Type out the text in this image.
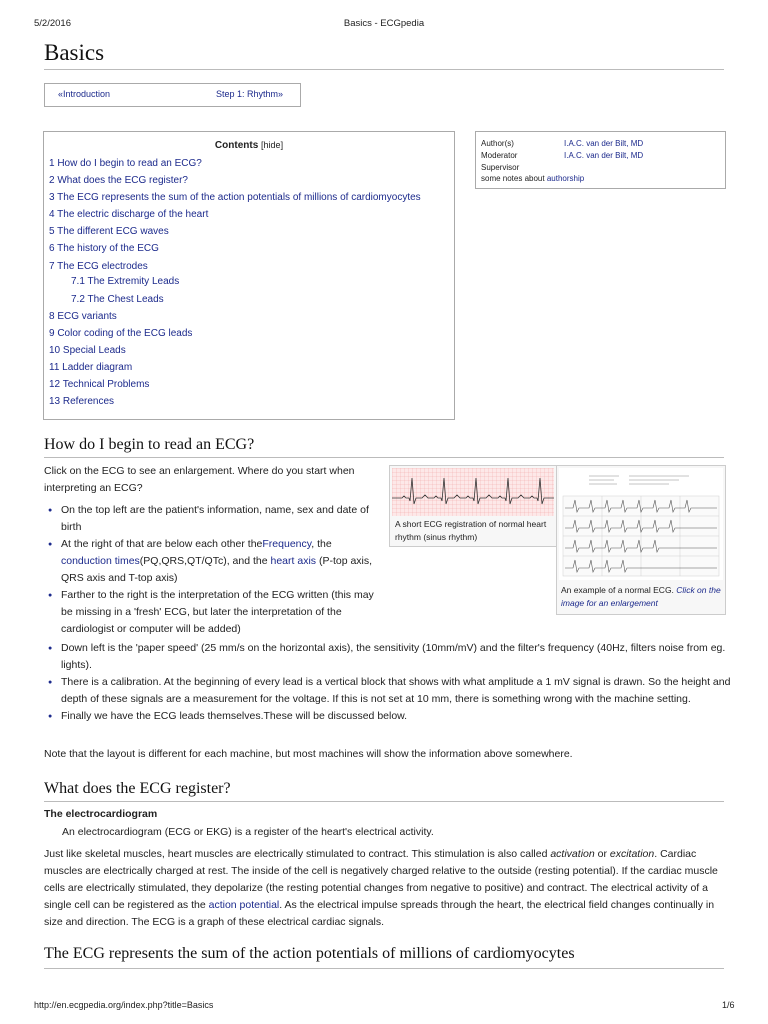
5/2/2016	Basics - ECGpedia
Basics
«Introduction	Step 1: Rhythm»
Contents [hide]
1 How do I begin to read an ECG?
2 What does the ECG register?
3 The ECG represents the sum of the action potentials of millions of cardiomyocytes
4 The electric discharge of the heart
5 The different ECG waves
6 The history of the ECG
7 The ECG electrodes
7.1 The Extremity Leads
7.2 The Chest Leads
8 ECG variants
9 Color coding of the ECG leads
10 Special Leads
11 Ladder diagram
12 Technical Problems
13 References
Author(s)	I.A.C. van der Bilt, MD
Moderator	I.A.C. van der Bilt, MD
Supervisor
some notes about authorship
How do I begin to read an ECG?
Click on the ECG to see an enlargement. Where do you start when interpreting an ECG?
● On the top left are the patient's information, name, sex and date of birth
● At the right of that are below each other theFrequency, the conduction times(PQ,QRS,QT/QTc), and the heart axis (P-top axis, QRS axis and T-top axis)
● Farther to the right is the interpretation of the ECG written (this may be missing in a 'fresh' ECG, but later the interpretation of the cardiologist or computer will be added)
● Down left is the 'paper speed' (25 mm/s on the horizontal axis), the sensitivity (10mm/mV) and the filter's frequency (40Hz, filters noise from eg. lights).
● There is a calibration. At the beginning of every lead is a vertical block that shows with what amplitude a 1 mV signal is drawn. So the height and depth of these signals are a measurement for the voltage. If this is not set at 10 mm, there is something wrong with the machine setting.
● Finally we have the ECG leads themselves.These will be discussed below.
A short ECG registration of normal heart rhythm (sinus rhythm)
An example of a normal ECG. Click on the image for an enlargement
Note that the layout is different for each machine, but most machines will show the information above somewhere.
What does the ECG register?
The electrocardiogram
An electrocardiogram (ECG or EKG) is a register of the heart's electrical activity.
Just like skeletal muscles, heart muscles are electrically stimulated to contract. This stimulation is also called activation or excitation. Cardiac muscles are electrically charged at rest. The inside of the cell is negatively charged relative to the outside (resting potential). If the cardiac muscle cells are electrically stimulated, they depolarize (the resting potential changes from negative to positive) and contract. The electrical activity of a single cell can be registered as the action potential. As the electrical impulse spreads through the heart, the electrical field changes continually in size and direction. The ECG is a graph of these electrical cardiac signals.
The ECG represents the sum of the action potentials of millions of cardiomyocytes
http://en.ecgpedia.org/index.php?title=Basics	1/6
